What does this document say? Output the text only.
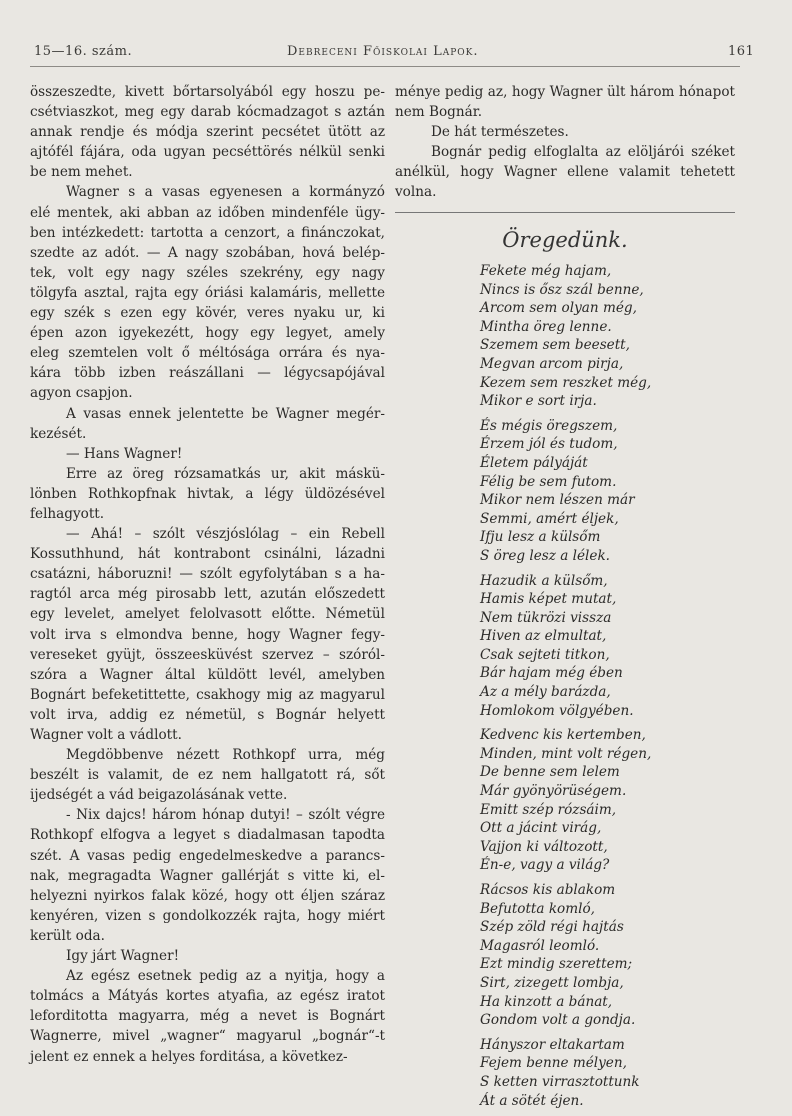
15—16. szám.	Debreceni Főiskolai Lapok.	161
összeszedte, kivett bőrtarsolyából egy hoszu pe-
csétviaszkot, meg egy darab kócmadzagot s aztán
annak rendje és módja szerint pecsétet ütött az
ajtófél fájára, oda ugyan pecséttörés nélkül senki
be nem mehet.
Wagner s a vasas egyenesen a kormányzó
elé mentek, aki abban az időben mindenféle ügy-
ben intézkedett: tartotta a cenzort, a finánczokat,
szedte az adót. — A nagy szobában, hová belép-
tek, volt egy nagy széles szekrény, egy nagy
tölgyfa asztal, rajta egy óriási kalamáris, mellette
egy szék s ezen egy kövér, veres nyaku ur, ki
épen azon igyekezétt, hogy egy legyet, amely
eleg szemtelen volt ő méltósága orrára és nya-
kára több izben reászállani — légycsapójával
agyon csapjon.
A vasas ennek jelentette be Wagner megér-
kezését.
— Hans Wagner!
Erre az öreg rózsamatkás ur, akit máskü-
lönben Rothkopfnak hivtak, a légy üldözésével
felhagyott.
— Ahá! – szólt vészjóslólag – ein Rebell
Kossuthhund, hát kontrabont csinálni, lázadni
csatázni, háboruzni! — szólt egyfolytában s a ha-
ragtól arca még pirosabb lett, azután előszedett
egy levelet, amelyet felolvasott előtte. Németül
volt irva s elmondva benne, hogy Wagner fegy-
vereseket gyüjt, összeesküvést szervez – szóról-
szóra a Wagner által küldött levél, amelyben
Bognárt befeketittette, csakhogy mig az magyarul
volt irva, addig ez németül, s Bognár helyett
Wagner volt a vádlott.
Megdöbbenve nézett Rothkopf urra, még
beszélt is valamit, de ez nem hallgatott rá, sőt
ijedségét a vád beigazolásának vette.
- Nix dajcs! három hónap dutyi! – szólt végre
Rothkopf elfogva a legyet s diadalmasan tapodta
szét. A vasas pedig engedelmeskedve a parancs-
nak, megragadta Wagner gallérját s vitte ki, el-
helyezni nyirkos falak közé, hogy ott éljen száraz
kenyéren, vizen s gondolkozzék rajta, hogy miért
került oda.
Igy járt Wagner!
Az egész esetnek pedig az a nyitja, hogy a
tolmács a Mátyás kortes atyafia, az egész iratot
leforditotta magyarra, még a nevet is Bognárt
Wagnerre, mivel „wagner“ magyarul „bognár“-t
jelent ez ennek a helyes forditása, a következ-
ménye pedig az, hogy Wagner ült három hónapot
nem Bognár.
De hát természetes.
Bognár pedig elfoglalta az elöljárói széket
anélkül, hogy Wagner ellene valamit tehetett
volna.
Öregedünk.
Fekete még hajam,
Nincs is ősz szál benne,
Arcom sem olyan még,
Mintha öreg lenne.
Szemem sem beesett,
Megvan arcom pirja,
Kezem sem reszket még,
Mikor e sort irja.
És mégis öregszem,
Érzem jól és tudom,
Életem pályáját
Félig be sem futom.
Mikor nem lészen már
Semmi, amért éljek,
Ifju lesz a külsőm
S öreg lesz a lélek.
Hazudik a külsőm,
Hamis képet mutat,
Nem tükrözi vissza
Hiven az elmultat,
Csak sejteti titkon,
Bár hajam még ében
Az a mély barázda,
Homlokom völgyében.
Kedvenc kis kertemben,
Minden, mint volt régen,
De benne sem lelem
Már gyönyörüségem.
Emitt szép rózsáim,
Ott a jácint virág,
Vajjon ki változott,
Én-e, vagy a világ?
Rácsos kis ablakom
Befutotta komló,
Szép zöld régi hajtás
Magasról leomló.
Ezt mindig szerettem;
Sirt, zizegett lombja,
Ha kinzott a bánat,
Gondom volt a gondja.
Hányszor eltakartam
Fejem benne mélyen,
S ketten virrasztottunk
Át a sötét éjen.
